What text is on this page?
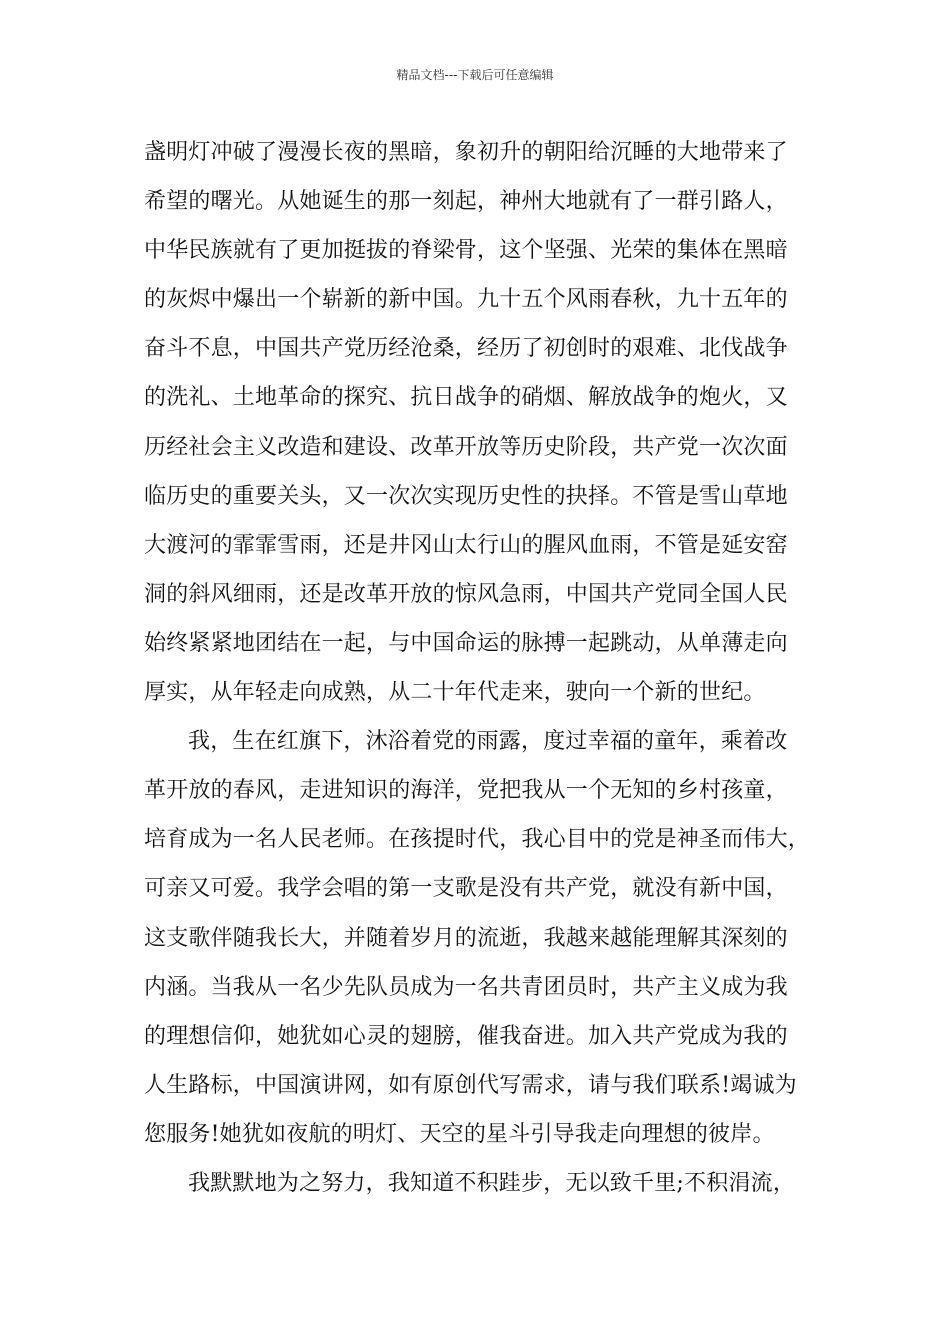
精品文档---下载后可任意编辑
盏明灯冲破了漫漫长夜的黑暗，象初升的朝阳给沉睡的大地带来了
希望的曙光。从她诞生的那一刻起，神州大地就有了一群引路人，
中华民族就有了更加挺拔的脊梁骨，这个坚强、光荣的集体在黑暗
的灰烬中爆出一个崭新的新中国。九十五个风雨春秋，九十五年的
奋斗不息，中国共产党历经沧桑，经历了初创时的艰难、北伐战争
的洗礼、土地革命的探究、抗日战争的硝烟、解放战争的炮火，又
历经社会主义改造和建设、改革开放等历史阶段，共产党一次次面
临历史的重要关头，又一次次实现历史性的抉择。不管是雪山草地
大渡河的霏霏雪雨，还是井冈山太行山的腥风血雨，不管是延安窑
洞的斜风细雨，还是改革开放的惊风急雨，中国共产党同全国人民
始终紧紧地团结在一起，与中国命运的脉搏一起跳动，从单薄走向
厚实，从年轻走向成熟，从二十年代走来，驶向一个新的世纪。
我，生在红旗下，沐浴着党的雨露，度过幸福的童年，乘着改
革开放的春风，走进知识的海洋，党把我从一个无知的乡村孩童，
培育成为一名人民老师。在孩提时代，我心目中的党是神圣而伟大，
可亲又可爱。我学会唱的第一支歌是没有共产党，就没有新中国，
这支歌伴随我长大，并随着岁月的流逝，我越来越能理解其深刻的
内涵。当我从一名少先队员成为一名共青团员时，共产主义成为我
的理想信仰，她犹如心灵的翅膀，催我奋进。加入共产党成为我的
人生路标，中国演讲网，如有原创代写需求，请与我们联系!竭诚为
您服务!她犹如夜航的明灯、天空的星斗引导我走向理想的彼岸。
我默默地为之努力，我知道不积跬步，无以致千里;不积涓流，
